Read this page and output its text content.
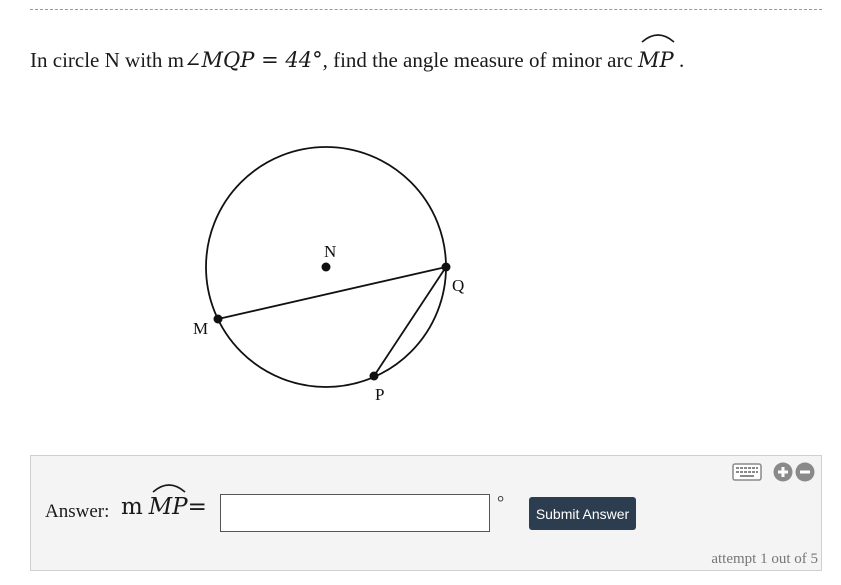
In circle N with m∠MQP = 44°, find the angle measure of minor arc MP .
N
M
Q
P
Answer: m MP=	°
Submit Answer
attempt 1 out of 5
